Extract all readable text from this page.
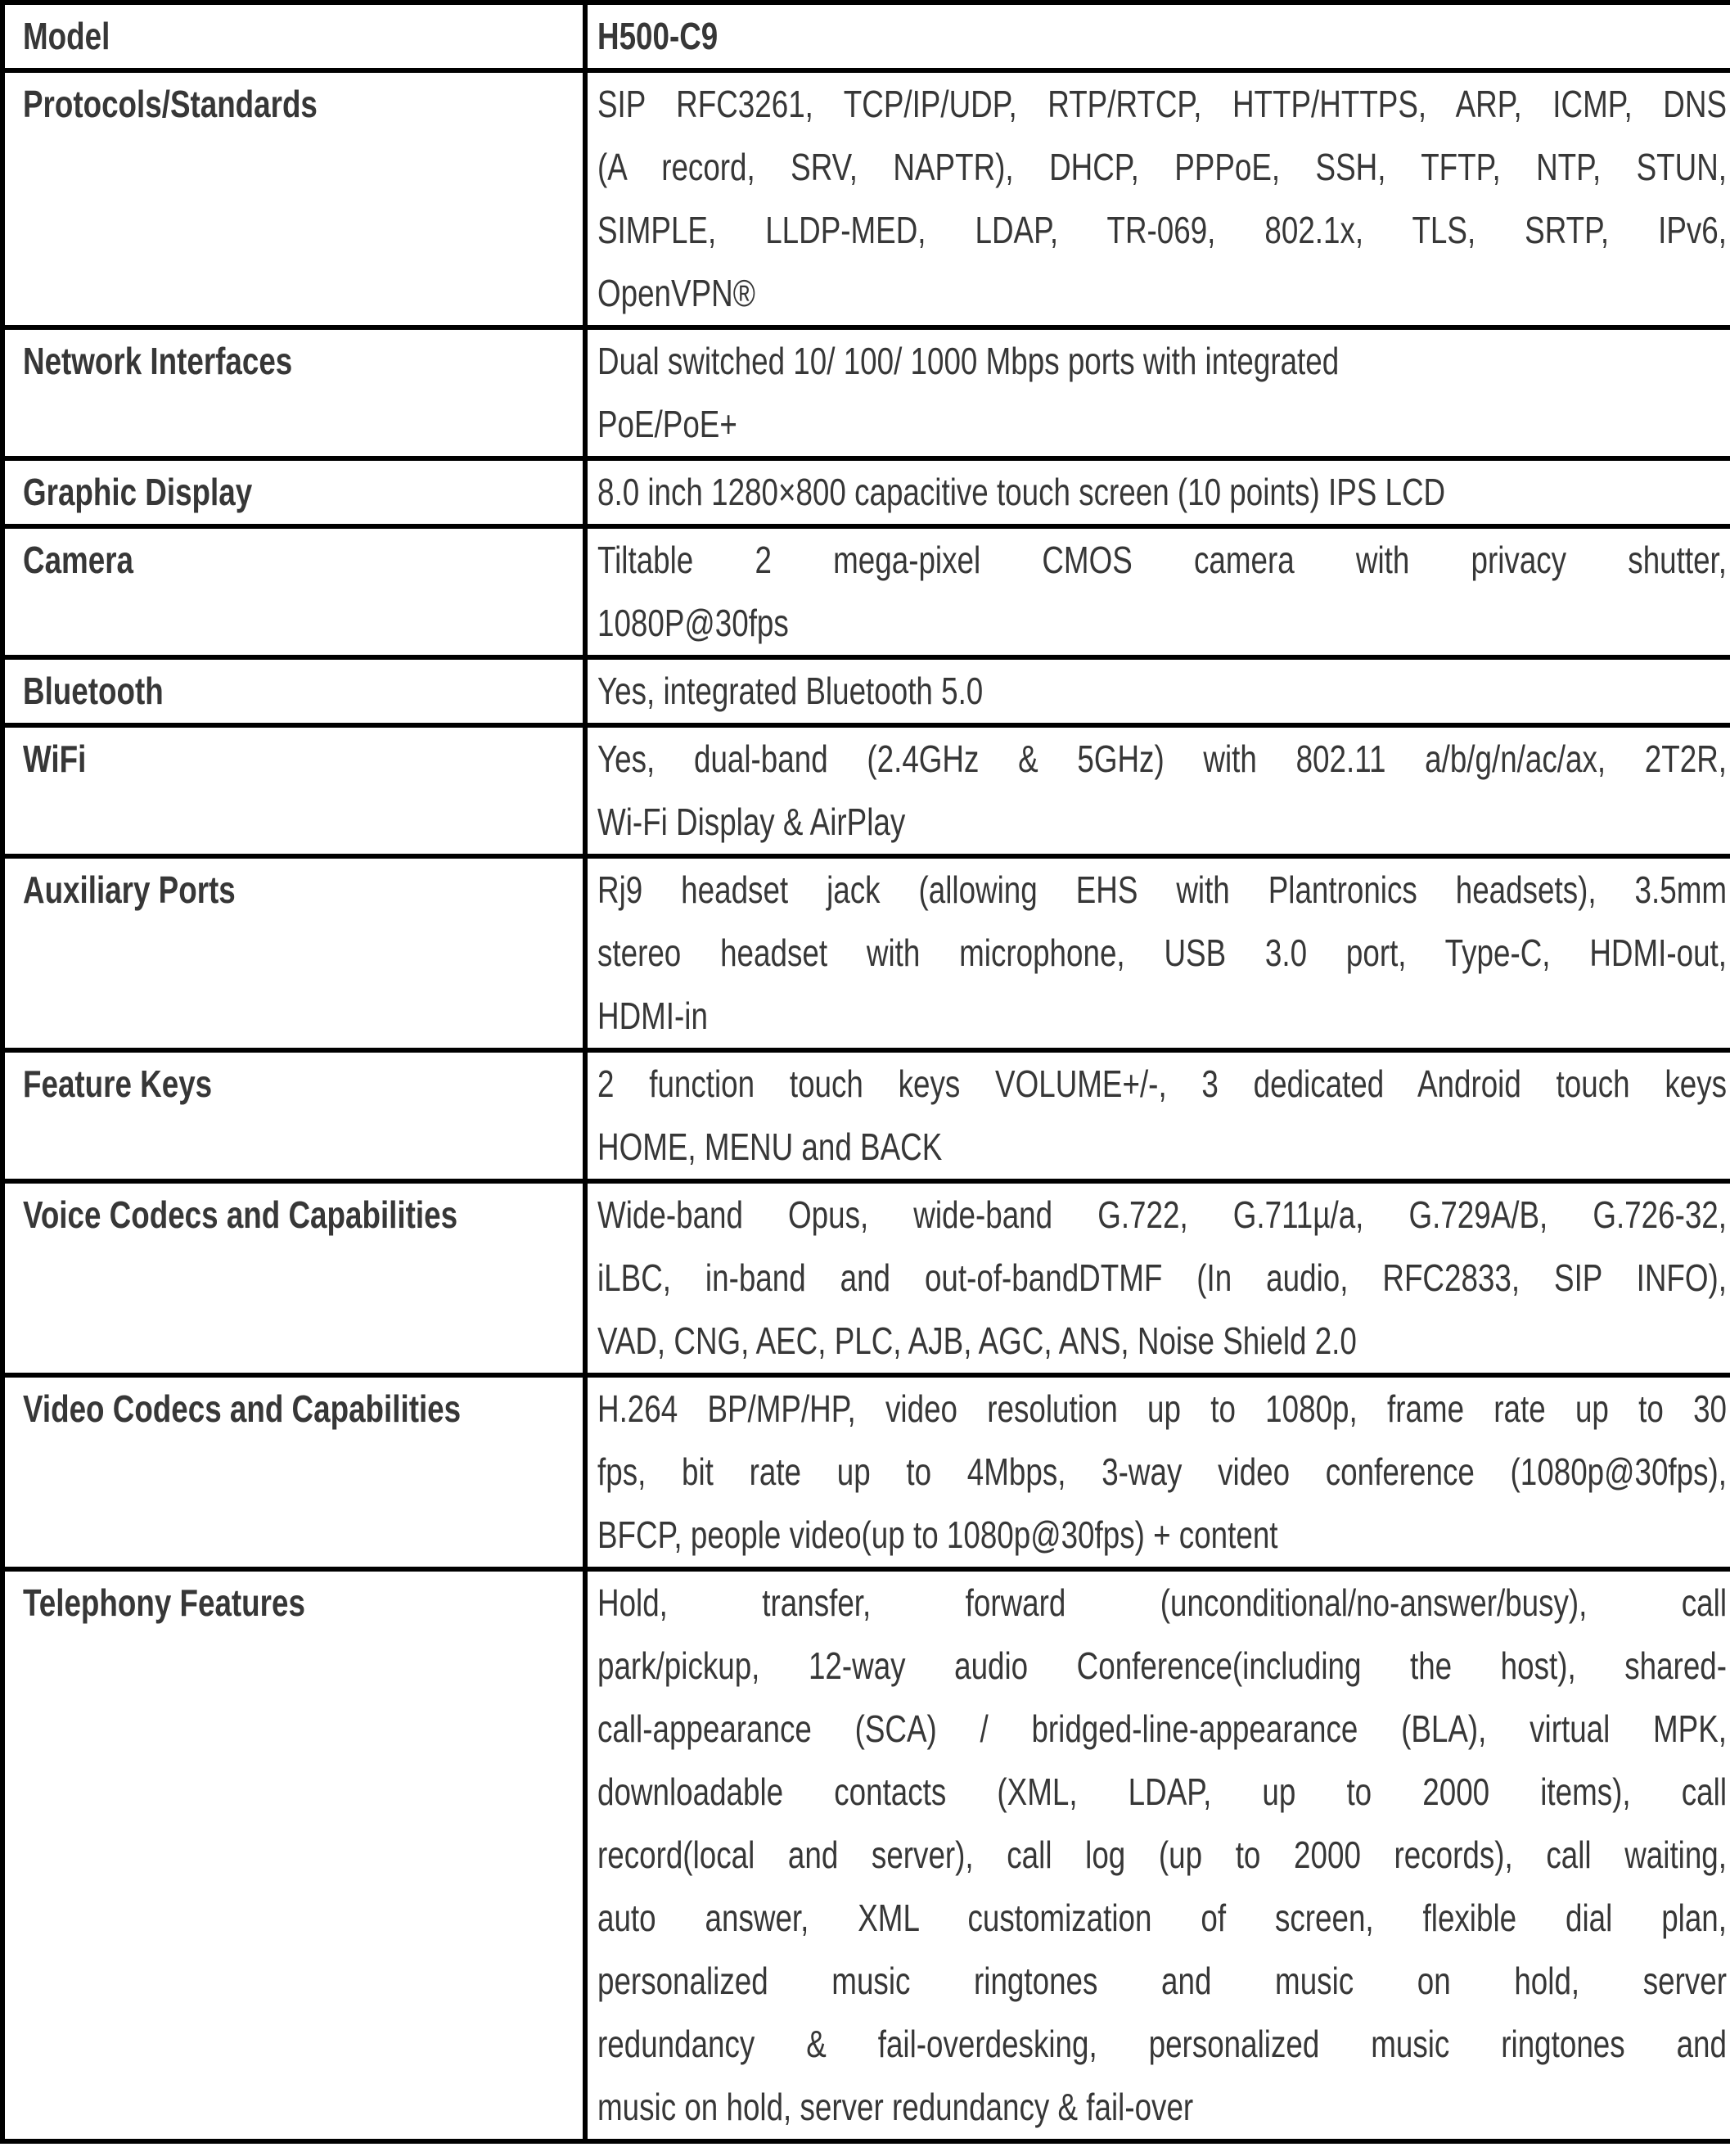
Model	H500-C9

Protocols/Standards	SIP RFC3261, TCP/IP/UDP, RTP/RTCP, HTTP/HTTPS, ARP, ICMP, DNS
(A record, SRV, NAPTR), DHCP, PPPoE, SSH, TFTP, NTP, STUN,
SIMPLE, LLDP-MED, LDAP, TR-069, 802.1x, TLS, SRTP, IPv6,
OpenVPN®

Network Interfaces	Dual switched 10/ 100/ 1000 Mbps ports with integrated
PoE/PoE+

Graphic Display	8.0 inch 1280×800 capacitive touch screen (10 points) IPS LCD

Camera	Tiltable 2 mega-pixel CMOS camera with privacy shutter,
1080P@30fps

Bluetooth	Yes, integrated Bluetooth 5.0

WiFi	Yes, dual-band (2.4GHz & 5GHz) with 802.11 a/b/g/n/ac/ax, 2T2R,
Wi-Fi Display & AirPlay

Auxiliary Ports	Rj9 headset jack (allowing EHS with Plantronics headsets), 3.5mm
stereo headset with microphone, USB 3.0 port, Type-C, HDMI-out,
HDMI-in

Feature Keys	2 function touch keys VOLUME+/-, 3 dedicated Android touch keys
HOME, MENU and BACK

Voice Codecs and Capabilities	Wide-band Opus, wide-band G.722, G.711µ/a, G.729A/B, G.726-32,
iLBC, in-band and out-of-bandDTMF (In audio, RFC2833, SIP INFO),
VAD, CNG, AEC, PLC, AJB, AGC, ANS, Noise Shield 2.0

Video Codecs and Capabilities	H.264 BP/MP/HP, video resolution up to 1080p, frame rate up to 30
fps, bit rate up to 4Mbps, 3-way video conference (1080p@30fps),
BFCP, people video(up to 1080p@30fps) + content

Telephony Features	Hold, transfer, forward (unconditional/no-answer/busy), call
park/pickup, 12-way audio Conference(including the host), shared-
call-appearance (SCA) / bridged-line-appearance (BLA), virtual MPK,
downloadable contacts (XML, LDAP, up to 2000 items), call
record(local and server), call log (up to 2000 records), call waiting,
auto answer, XML customization of screen, flexible dial plan,
personalized music ringtones and music on hold, server
redundancy & fail-overdesking, personalized music ringtones and
music on hold, server redundancy & fail-over
